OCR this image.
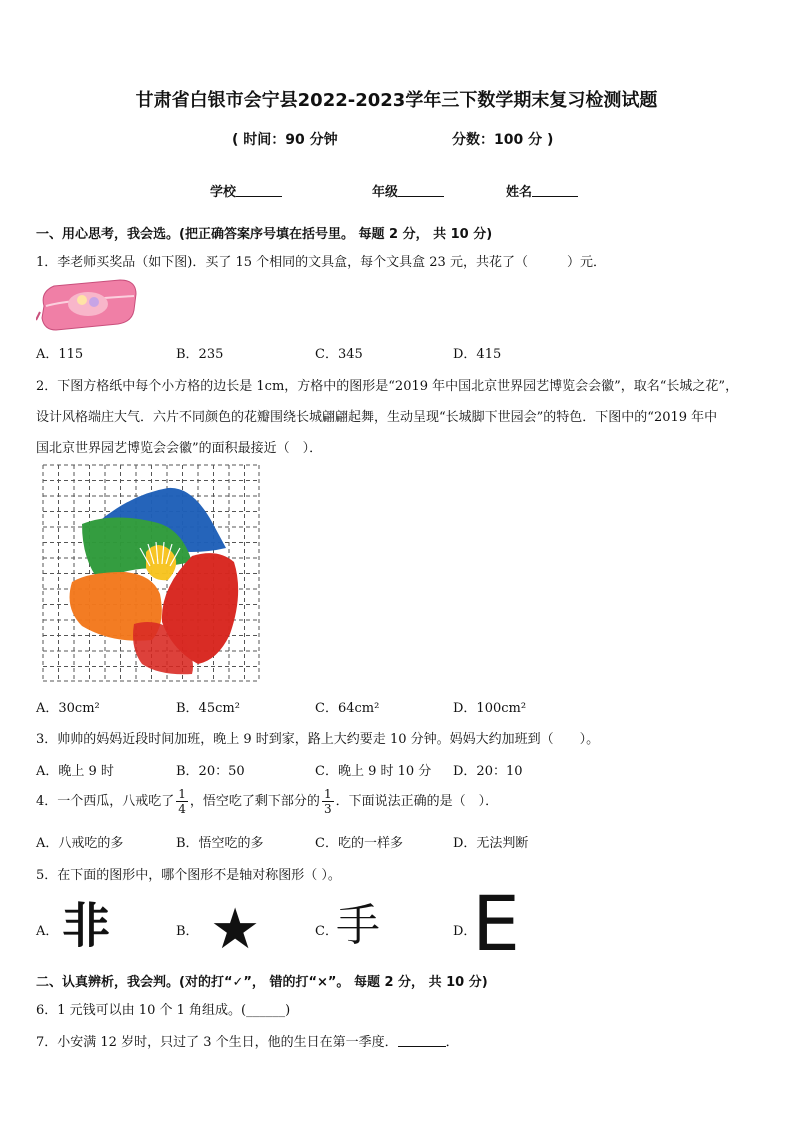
甘肃省白银市会宁县2022-2023学年三下数学期末复习检测试题
( 时间：90 分钟	分数：100 分 )
学校	年级	姓名
一、用心思考，我会选。(把正确答案序号填在括号里。 每题 2 分， 共 10 分)
1．李老师买奖品（如下图)．买了 15 个相同的文具盒，每个文具盒 23 元，共花了（　　　）元．
A．115	B．235	C．345	D．415
2．下图方格纸中每个小方格的边长是 1cm，方格中的图形是“2019 年中国北京世界园艺博览会会徽”，取名“长城之花”，
设计风格端庄大气．六片不同颜色的花瓣围绕长城翩翩起舞，生动呈现“长城脚下世园会”的特色．下图中的“2019 年中
国北京世界园艺博览会会徽”的面积最接近（　）．
A．30cm²	B．45cm²	C．64cm²	D．100cm²
3．帅帅的妈妈近段时间加班，晚上 9 时到家，路上大约要走 10 分钟。妈妈大约加班到（　　）。
A．晚上 9 时	B．20：50	C．晚上 9 时 10 分 D．20：10
4．一个西瓜，八戒吃了 $\frac{1}{4}$ ，悟空吃了剩下部分的 $\frac{1}{3}$ ．下面说法正确的是（　）．
A．八戒吃的多	B．悟空吃的多	C．吃的一样多	D．无法判断
5．在下面的图形中，哪个图形不是轴对称图形（ ）。
A． 非	B． ★	C．
手	D．
E
二、认真辨析，我会判。(对的打“✓”， 错的打“×”。 每题 2 分， 共 10 分)
6．1 元钱可以由 10 个 1 角组成。(______)
7．小安满 12 岁时，只过了 3 个生日，他的生日在第一季度．	．
